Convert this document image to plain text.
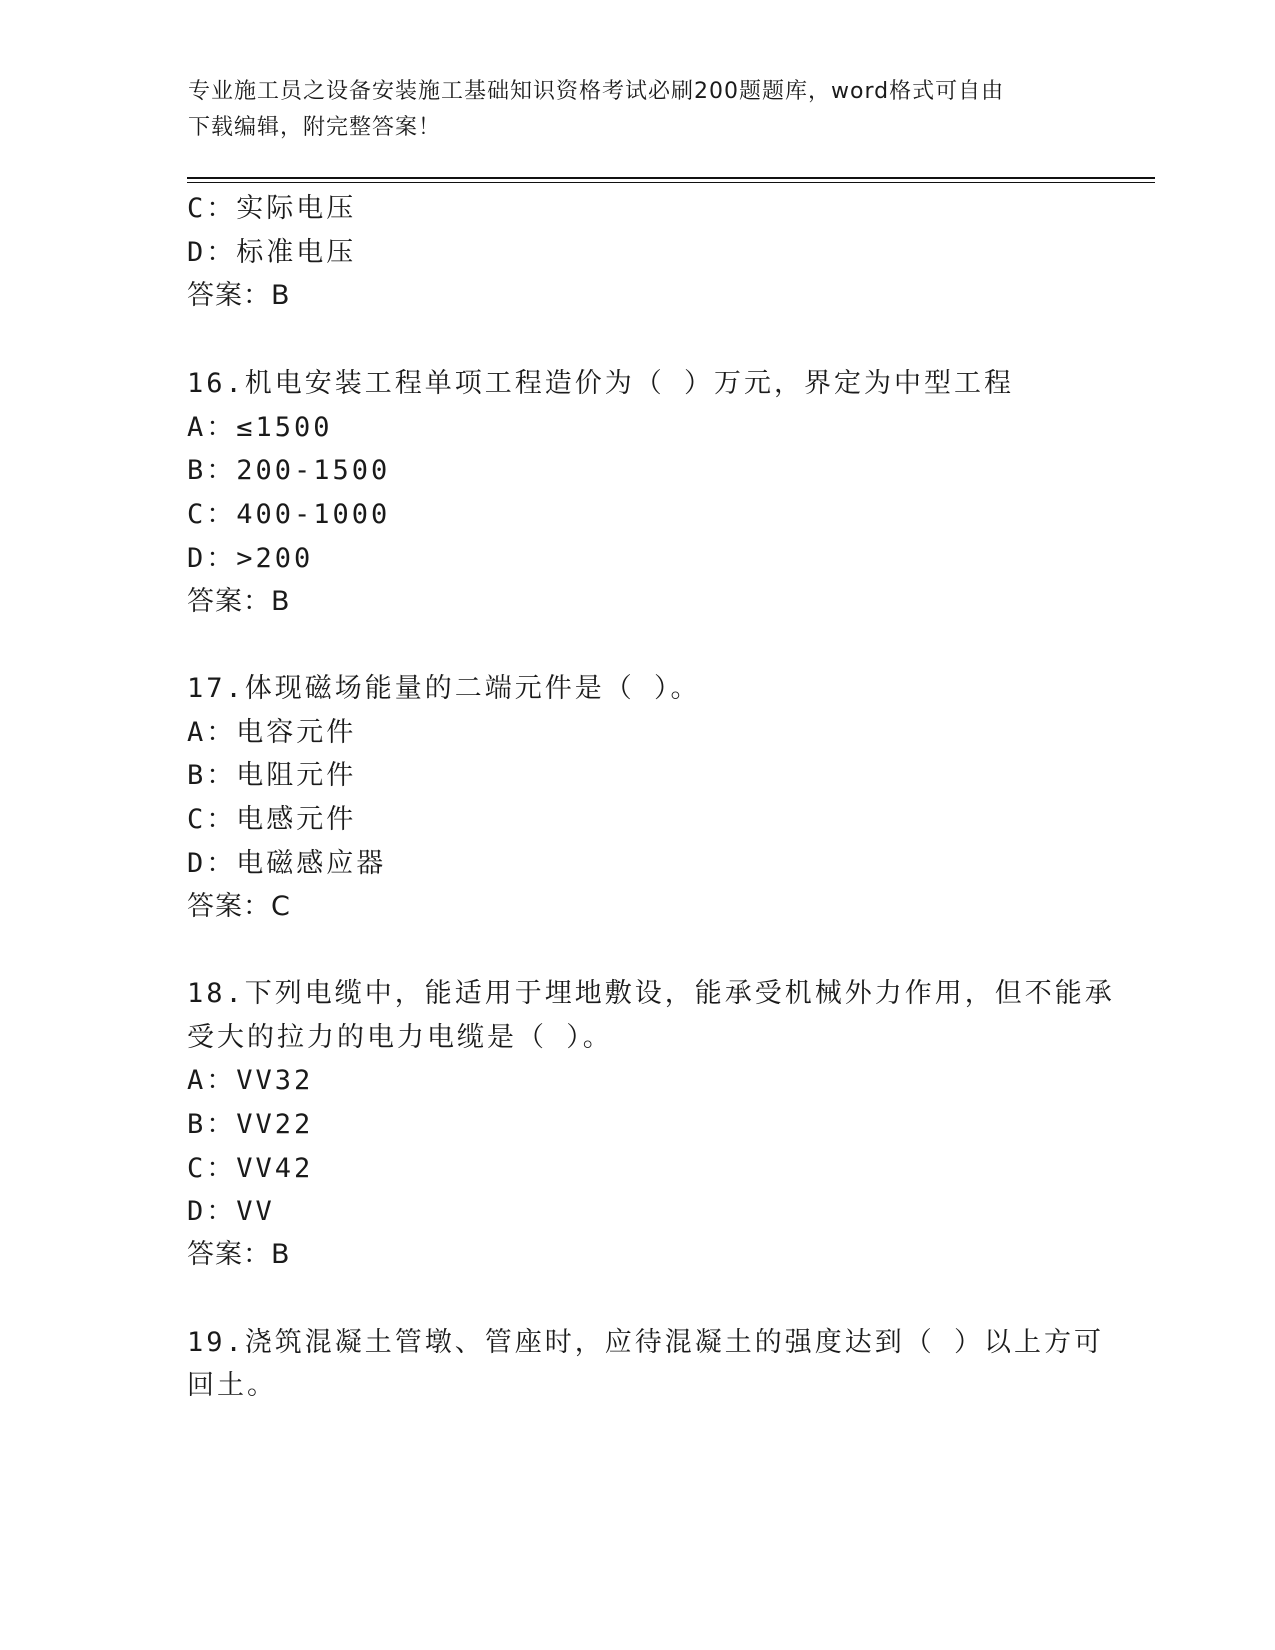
专业施工员之设备安装施工基础知识资格考试必刷200题题库，word格式可自由
下载编辑，附完整答案！
C：实际电压
D：标准电压
答案：B
16.机电安装工程单项工程造价为（ ）万元，界定为中型工程
A：≤1500
B：200-1500
C：400-1000
D：>200
答案：B
17.体现磁场能量的二端元件是（ ）。
A：电容元件
B：电阻元件
C：电感元件
D：电磁感应器
答案：C
18.下列电缆中，能适用于埋地敷设，能承受机械外力作用，但不能承
受大的拉力的电力电缆是（ ）。
A：VV32
B：VV22
C：VV42
D：VV
答案：B
19.浇筑混凝土管墩、管座时，应待混凝土的强度达到（ ）以上方可
回土。
